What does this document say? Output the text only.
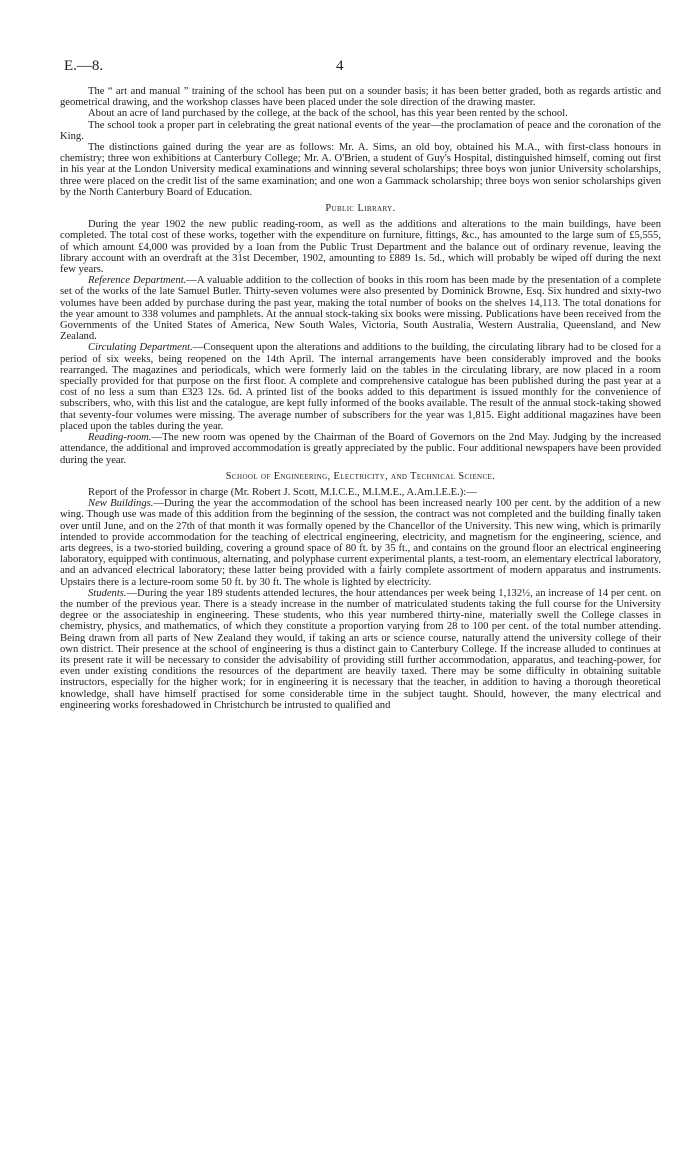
E.—8.	4

The “ art and manual ” training of the school has been put on a sounder basis; it has been better graded, both as regards artistic and geometrical drawing, and the workshop classes have been placed under the sole direction of the drawing master.

About an acre of land purchased by the college, at the back of the school, has this year been rented by the school.

The school took a proper part in celebrating the great national events of the year—the proclamation of peace and the coronation of the King.

The distinctions gained during the year are as follows: Mr. A. Sims, an old boy, obtained his M.A., with first-class honours in chemistry; three won exhibitions at Canterbury College; Mr. A. O'Brien, a student of Guy's Hospital, distinguished himself, coming out first in his year at the London University medical examinations and winning several scholarships; three boys won junior University scholarships, three were placed on the credit list of the same examination; and one won a Gammack scholarship; three boys won senior scholarships given by the North Canterbury Board of Education.

Public Library.

During the year 1902 the new public reading-room, as well as the additions and alterations to the main buildings, have been completed. The total cost of these works, together with the expenditure on furniture, fittings, &c., has amounted to the large sum of £5,555, of which amount £4,000 was provided by a loan from the Public Trust Department and the balance out of ordinary revenue, leaving the library account with an overdraft at the 31st December, 1902, amounting to £889 1s. 5d., which will probably be wiped off during the next few years.

Reference Department.—A valuable addition to the collection of books in this room has been made by the presentation of a complete set of the works of the late Samuel Butler. Thirty-seven volumes were also presented by Dominick Browne, Esq. Six hundred and sixty-two volumes have been added by purchase during the past year, making the total number of books on the shelves 14,113. The total donations for the year amount to 338 volumes and pamphlets. At the annual stock-taking six books were missing. Publications have been received from the Governments of the United States of America, New South Wales, Victoria, South Australia, Western Australia, Queensland, and New Zealand.

Circulating Department.—Consequent upon the alterations and additions to the building, the circulating library had to be closed for a period of six weeks, being reopened on the 14th April. The internal arrangements have been considerably improved and the books rearranged. The magazines and periodicals, which were formerly laid on the tables in the circulating library, are now placed in a room specially provided for that purpose on the first floor. A complete and comprehensive catalogue has been published during the past year at a cost of no less a sum than £323 12s. 6d. A printed list of the books added to this department is issued monthly for the convenience of subscribers, who, with this list and the catalogue, are kept fully informed of the books available. The result of the annual stock-taking showed that seventy-four volumes were missing. The average number of subscribers for the year was 1,815. Eight additional magazines have been placed upon the tables during the year.

Reading-room.—The new room was opened by the Chairman of the Board of Governors on the 2nd May. Judging by the increased attendance, the additional and improved accommodation is greatly appreciated by the public. Four additional newspapers have been provided during the year.

School of Engineering, Electricity, and Technical Science.

Report of the Professor in charge (Mr. Robert J. Scott, M.I.C.E., M.I.M.E., A.Am.I.E.E.):—

New Buildings.—During the year the accommodation of the school has been increased nearly 100 per cent. by the addition of a new wing. Though use was made of this addition from the beginning of the session, the contract was not completed and the building finally taken over until June, and on the 27th of that month it was formally opened by the Chancellor of the University. This new wing, which is primarily intended to provide accommodation for the teaching of electrical engineering, electricity, and magnetism for the engineering, science, and arts degrees, is a two-storied building, covering a ground space of 80 ft. by 35 ft., and contains on the ground floor an electrical engineering laboratory, equipped with continuous, alternating, and polyphase current experimental plants, a test-room, an elementary electrical laboratory, and an advanced electrical laboratory; these latter being provided with a fairly complete assortment of modern apparatus and instruments. Upstairs there is a lecture-room some 50 ft. by 30 ft. The whole is lighted by electricity.

Students.—During the year 189 students attended lectures, the hour attendances per week being 1,132½, an increase of 14 per cent. on the number of the previous year. There is a steady increase in the number of matriculated students taking the full course for the University degree or the associateship in engineering. These students, who this year numbered thirty-nine, materially swell the College classes in chemistry, physics, and mathematics, of which they constitute a proportion varying from 28 to 100 per cent. of the total number attending. Being drawn from all parts of New Zealand they would, if taking an arts or science course, naturally attend the university college of their own district. Their presence at the school of engineering is thus a distinct gain to Canterbury College. If the increase alluded to continues at its present rate it will be necessary to consider the advisability of providing still further accommodation, apparatus, and teaching-power, for even under existing conditions the resources of the department are heavily taxed. There may be some difficulty in obtaining suitable instructors, especially for the higher work; for in engineering it is necessary that the teacher, in addition to having a thorough theoretical knowledge, shall have himself practised for some considerable time in the subject taught. Should, however, the many electrical and engineering works foreshadowed in Christchurch be intrusted to qualified and
